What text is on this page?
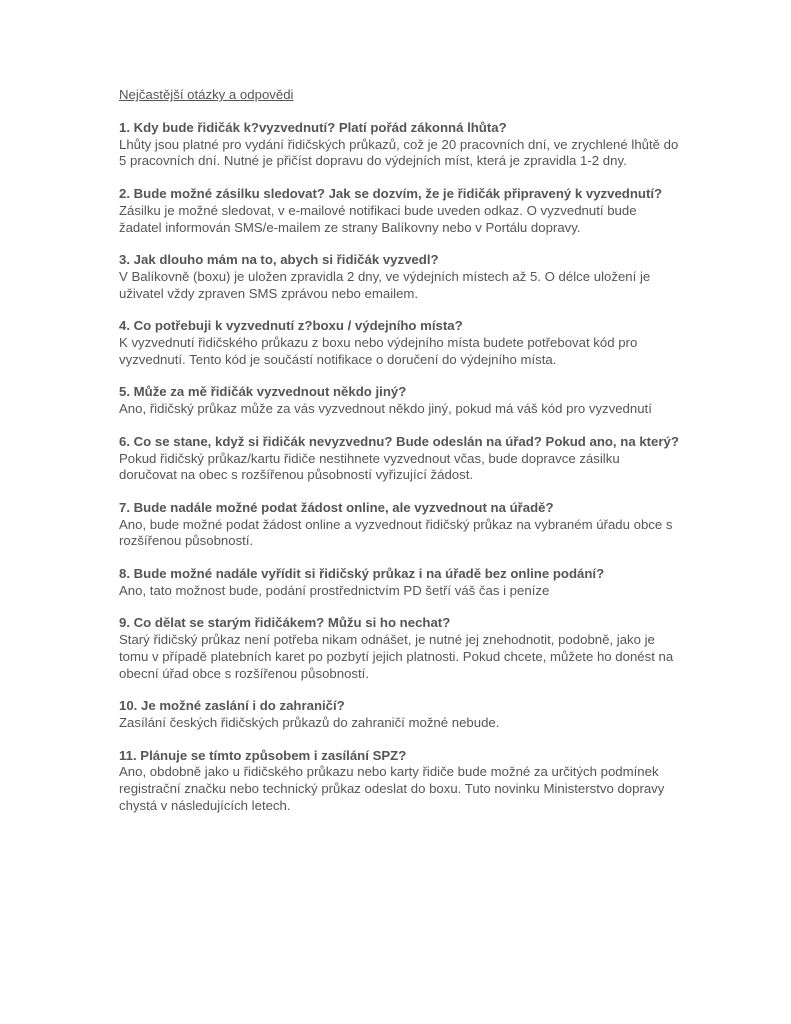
Nejčastější otázky a odpovědi

1. Kdy bude řidičák k?vyzvednutí? Platí pořád zákonná lhůta?

Lhůty jsou platné pro vydání řidičských průkazů, což je 20 pracovních dní, ve zrychlené lhůtě do 5 pracovních dní. Nutné je přičíst dopravu do výdejních míst, která je zpravidla 1-2 dny.

2. Bude možné zásilku sledovat? Jak se dozvím, že je řidičák připravený k vyzvednutí?

Zásilku je možné sledovat, v e-mailové notifikaci bude uveden odkaz. O vyzvednutí bude žadatel informován SMS/e-mailem ze strany Balíkovny nebo v Portálu dopravy.

3. Jak dlouho mám na to, abych si řidičák vyzvedl?

V Balíkovně (boxu) je uložen zpravidla 2 dny, ve výdejních místech až 5. O délce uložení je uživatel vždy zpraven SMS zprávou nebo emailem.

4. Co potřebuji k vyzvednutí z?boxu / výdejního místa?

K vyzvednutí řidičského průkazu z boxu nebo výdejního místa budete potřebovat kód pro vyzvednutí. Tento kód je součástí notifikace o doručení do výdejního místa.

5. Může za mě řidičák vyzvednout někdo jiný?

Ano, řidičský průkaz může za vás vyzvednout někdo jiný, pokud má váš kód pro vyzvednutí

6. Co se stane, když si řidičák nevyzvednu? Bude odeslán na úřad? Pokud ano, na který?

Pokud řidičský průkaz/kartu řidiče nestihnete vyzvednout včas, bude dopravce zásilku doručovat na obec s rozšířenou působností vyřizující žádost.

7. Bude nadále možné podat žádost online, ale vyzvednout na úřadě?

Ano, bude možné podat žádost online a vyzvednout řidičský průkaz na vybraném úřadu obce s rozšířenou působností.

8. Bude možné nadále vyřídit si řidičský průkaz i na úřadě bez online podání?

Ano, tato možnost bude, podání prostřednictvím PD šetří váš čas i peníze

9. Co dělat se starým řidičákem? Můžu si ho nechat?

Starý řidičský průkaz není potřeba nikam odnášet, je nutné jej znehodnotit, podobně, jako je tomu v případě platebních karet po pozbytí jejich platnosti. Pokud chcete, můžete ho donést na obecní úřad obce s rozšířenou působností.

10. Je možné zaslání i do zahraničí?

Zasílání českých řidičských průkazů do zahraničí možné nebude.

11. Plánuje se tímto způsobem i zasílání SPZ?

Ano, obdobně jako u řidičského průkazu nebo karty řidiče bude možné za určitých podmínek registrační značku nebo technický průkaz odeslat do boxu. Tuto novinku Ministerstvo dopravy chystá v následujících letech.
